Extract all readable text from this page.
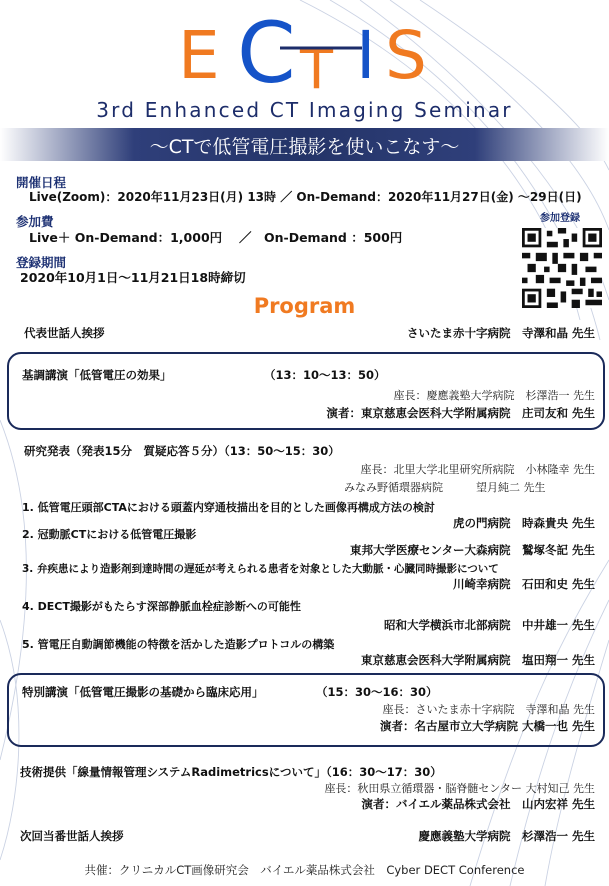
E C T I S
3rd Enhanced CT Imaging Seminar
～CTで低管電圧撮影を使いこなす～
開催日程
Live(Zoom)：2020年11月23日(月) 13時 ／ On-Demand：2020年11月27日(金) ～29日(日)
参加費
Live＋ On-Demand：1,000円　 ／　On-Demand ：500円
登録期間
2020年10月1日～11月21日18時締切
参加登録
Program
代表世話人挨拶	さいたま赤十字病院　寺澤和晶 先生
基調講演「低管電圧の効果」	（13：10～13：50）
座長：慶應義塾大学病院　杉澤浩一 先生
演者：東京慈恵会医科大学附属病院　庄司友和 先生
研究発表（発表15分　質疑応答５分）（13：50～15：30）
座長：北里大学北里研究所病院　小林隆幸 先生
みなみ野循環器病院　　　望月純二 先生
1. 低管電圧頭部CTAにおける頭蓋内穿通枝描出を目的とした画像再構成方法の検討
虎の門病院　時森貴央 先生
2. 冠動脈CTにおける低管電圧撮影
東邦大学医療センター大森病院　鷲塚冬記 先生
3. 弁疾患により造影剤到達時間の遅延が考えられる患者を対象とした大動脈・心臓同時撮影について
川崎幸病院　石田和史 先生
4. DECT撮影がもたらす深部静脈血栓症診断への可能性
昭和大学横浜市北部病院　中井雄一 先生
5. 管電圧自動調節機能の特徴を活かした造影プロトコルの構築
東京慈恵会医科大学附属病院　塩田翔一 先生
特別講演「低管電圧撮影の基礎から臨床応用」	（15：30～16：30）
座長：さいたま赤十字病院　寺澤和晶 先生
演者：名古屋市立大学病院 大橋一也 先生
技術提供「線量情報管理システムRadimetricsについて」（16：30～17：30）
座長：秋田県立循環器・脳脊髄センター 大村知己 先生
演者：バイエル薬品株式会社　山内宏祥 先生
次回当番世話人挨拶	慶應義塾大学病院　杉澤浩一 先生
共催：クリニカルCT画像研究会　バイエル薬品株式会社　Cyber DECT Conference
